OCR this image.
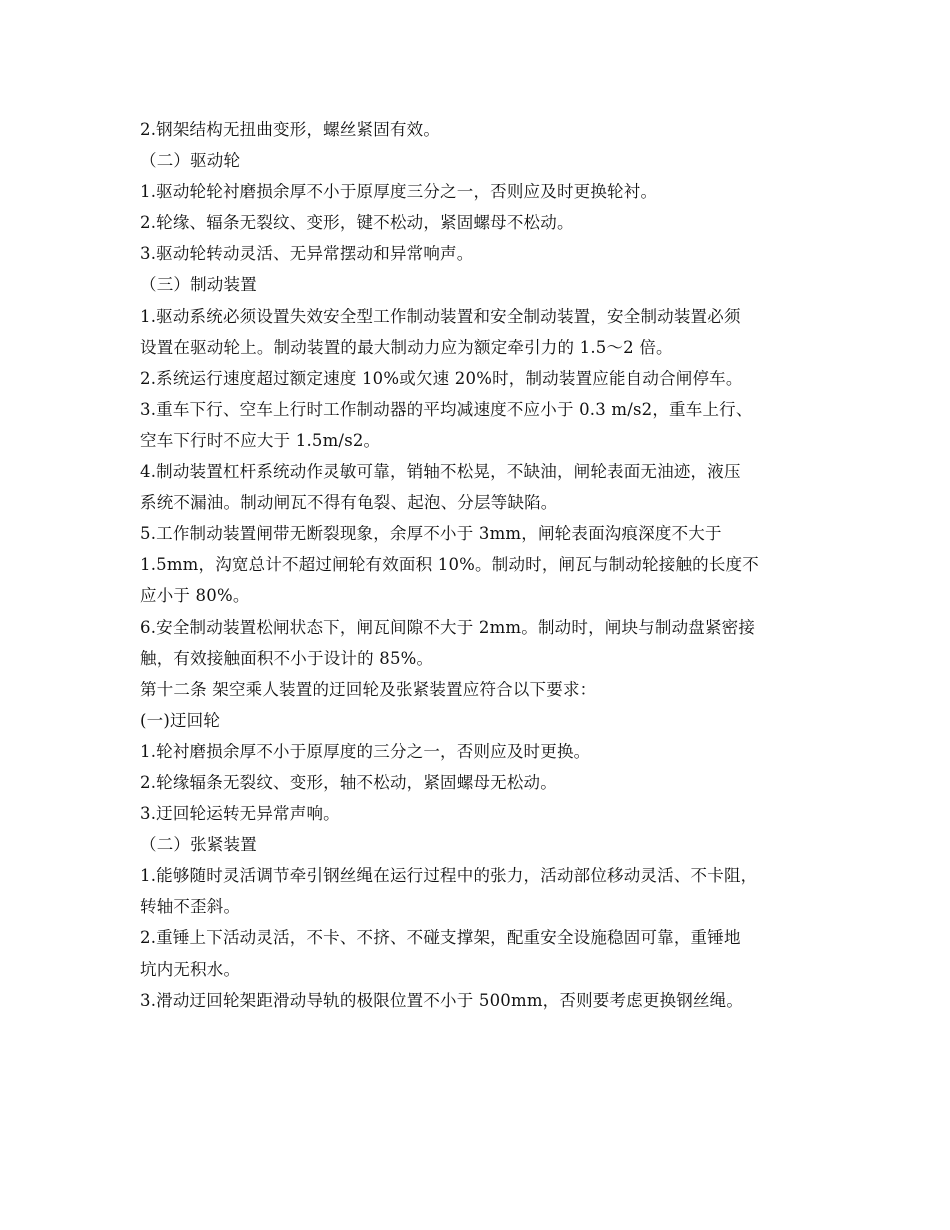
2.钢架结构无扭曲变形，螺丝紧固有效。
（二）驱动轮
1.驱动轮轮衬磨损余厚不小于原厚度三分之一，否则应及时更换轮衬。
2.轮缘、辐条无裂纹、变形，键不松动，紧固螺母不松动。
3.驱动轮转动灵活、无异常摆动和异常响声。
（三）制动装置
1.驱动系统必须设置失效安全型工作制动装置和安全制动装置，安全制动装置必须
设置在驱动轮上。制动装置的最大制动力应为额定牵引力的 1.5～2 倍。
2.系统运行速度超过额定速度 10%或欠速 20%时，制动装置应能自动合闸停车。
3.重车下行、空车上行时工作制动器的平均减速度不应小于 0.3 m/s2，重车上行、
空车下行时不应大于 1.5m/s2。
4.制动装置杠杆系统动作灵敏可靠，销轴不松晃，不缺油，闸轮表面无油迹，液压
系统不漏油。制动闸瓦不得有龟裂、起泡、分层等缺陷。
5.工作制动装置闸带无断裂现象，余厚不小于 3mm，闸轮表面沟痕深度不大于
1.5mm，沟宽总计不超过闸轮有效面积 10%。制动时，闸瓦与制动轮接触的长度不
应小于 80%。
6.安全制动装置松闸状态下，闸瓦间隙不大于 2mm。制动时，闸块与制动盘紧密接
触，有效接触面积不小于设计的 85%。
第十二条 架空乘人装置的迂回轮及张紧装置应符合以下要求：
(一)迂回轮
1.轮衬磨损余厚不小于原厚度的三分之一，否则应及时更换。
2.轮缘辐条无裂纹、变形，轴不松动，紧固螺母无松动。
3.迂回轮运转无异常声响。
（二）张紧装置
1.能够随时灵活调节牵引钢丝绳在运行过程中的张力，活动部位移动灵活、不卡阻，
转轴不歪斜。
2.重锤上下活动灵活，不卡、不挤、不碰支撑架，配重安全设施稳固可靠，重锤地
坑内无积水。
3.滑动迂回轮架距滑动导轨的极限位置不小于 500mm，否则要考虑更换钢丝绳。
